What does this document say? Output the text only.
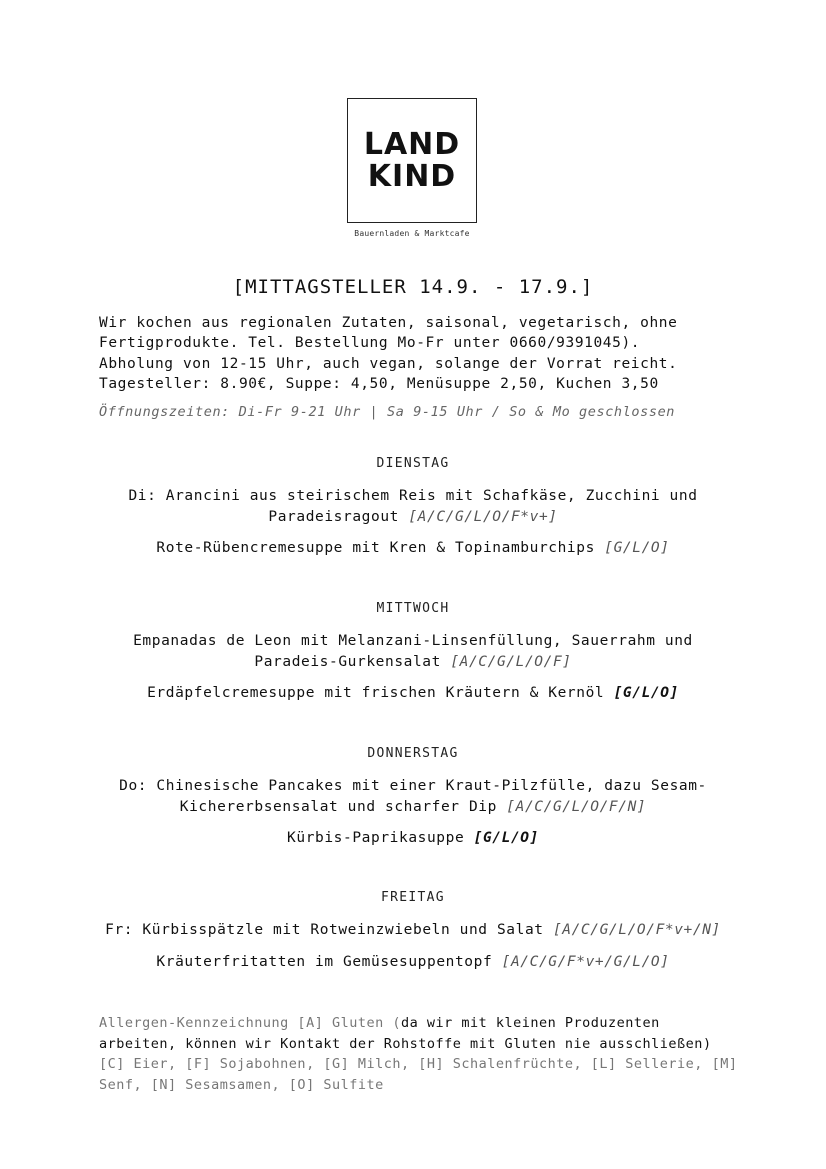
LAND
KIND
Bauernladen & Marktcafe
[MITTAGSTELLER 14.9. - 17.9.]
Wir kochen aus regionalen Zutaten, saisonal, vegetarisch, ohne
Fertigprodukte. Tel. Bestellung Mo-Fr unter 0660/9391045).
Abholung von 12-15 Uhr, auch vegan, solange der Vorrat reicht.
Tagesteller: 8.90€, Suppe: 4,50, Menüsuppe 2,50, Kuchen 3,50
Öffnungszeiten: Di-Fr 9-21 Uhr | Sa 9-15 Uhr / So & Mo geschlossen
DIENSTAG
Di: Arancini aus steirischem Reis mit Schafkäse, Zucchini und
Paradeisragout [A/C/G/L/O/F*v+]
Rote-Rübencremesuppe mit Kren & Topinamburchips [G/L/O]
MITTWOCH
Empanadas de Leon mit Melanzani-Linsenfüllung, Sauerrahm und
Paradeis-Gurkensalat [A/C/G/L/O/F]
Erdäpfelcremesuppe mit frischen Kräutern & Kernöl [G/L/O]
DONNERSTAG
Do: Chinesische Pancakes mit einer Kraut-Pilzfülle, dazu Sesam-
Kichererbsensalat und scharfer Dip [A/C/G/L/O/F/N]
Kürbis-Paprikasuppe [G/L/O]
FREITAG
Fr: Kürbisspätzle mit Rotweinzwiebeln und Salat [A/C/G/L/O/F*v+/N]
Kräuterfritatten im Gemüsesuppentopf [A/C/G/F*v+/G/L/O]
Allergen-Kennzeichnung [A] Gluten (da wir mit kleinen Produzenten
arbeiten, können wir Kontakt der Rohstoffe mit Gluten nie ausschließen)
[C] Eier, [F] Sojabohnen, [G] Milch, [H] Schalenfrüchte, [L] Sellerie, [M]
Senf, [N] Sesamsamen, [O] Sulfite
